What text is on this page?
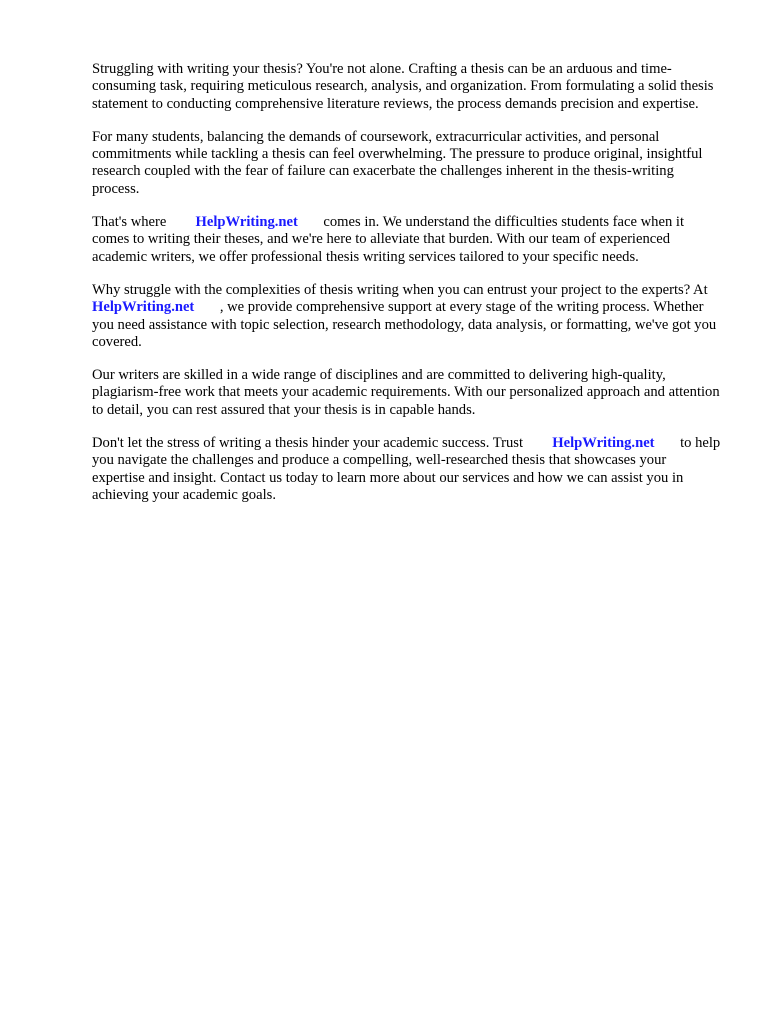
Struggling with writing your thesis? You're not alone. Crafting a thesis can be an arduous and time-consuming task, requiring meticulous research, analysis, and organization. From formulating a solid thesis statement to conducting comprehensive literature reviews, the process demands precision and expertise.

For many students, balancing the demands of coursework, extracurricular activities, and personal commitments while tackling a thesis can feel overwhelming. The pressure to produce original, insightful research coupled with the fear of failure can exacerbate the challenges inherent in the thesis-writing process.

That's where HelpWriting.net comes in. We understand the difficulties students face when it comes to writing their theses, and we're here to alleviate that burden. With our team of experienced academic writers, we offer professional thesis writing services tailored to your specific needs.

Why struggle with the complexities of thesis writing when you can entrust your project to the experts? At        HelpWriting.net , we provide comprehensive support at every stage of the writing process. Whether you need assistance with topic selection, research methodology, data analysis, or formatting, we've got you covered.

Our writers are skilled in a wide range of disciplines and are committed to delivering high-quality, plagiarism-free work that meets your academic requirements. With our personalized approach and attention to detail, you can rest assured that your thesis is in capable hands.

Don't let the stress of writing a thesis hinder your academic success. Trust HelpWriting.net to help you navigate the challenges and produce a compelling, well-researched thesis that showcases your expertise and insight. Contact us today to learn more about our services and how we can assist you in achieving your academic goals.
